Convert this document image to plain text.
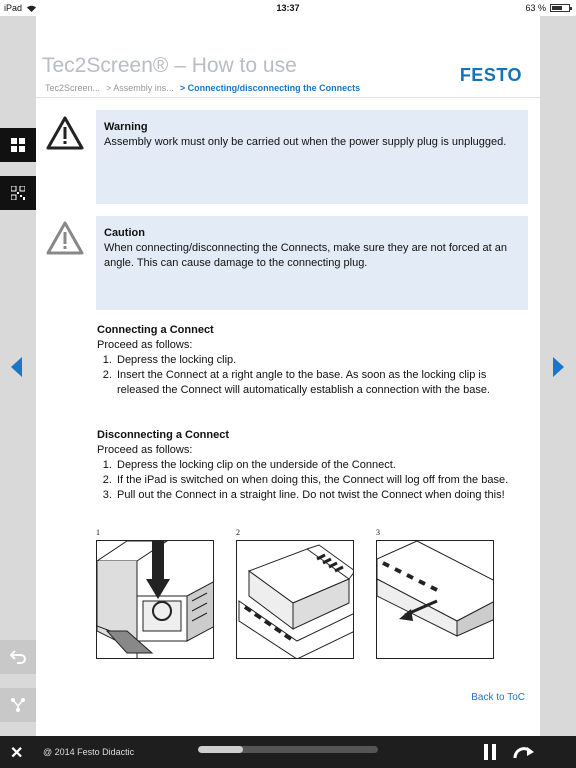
iPad	13:37	63 %
Tec2Screen® – How to use	FESTO
Tec2Screen... > Assembly ins... > Connecting/disconnecting the Connects
Warning
Assembly work must only be carried out when the power supply plug is unplugged.
Caution
When connecting/disconnecting the Connects, make sure they are not forced at an angle. This can cause damage to the connecting plug.
Connecting a Connect
Proceed as follows:
1. Depress the locking clip.
2. Insert the Connect at a right angle to the base. As soon as the locking clip is released the Connect will automatically establish a connection with the base.
Disconnecting a Connect
Proceed as follows:
1. Depress the locking clip on the underside of the Connect.
2. If the iPad is switched on when doing this, the Connect will log off from the base.
3. Pull out the Connect in a straight line. Do not twist the Connect when doing this!
1	2	3
Back to ToC
✕ @ 2014 Festo Didactic
